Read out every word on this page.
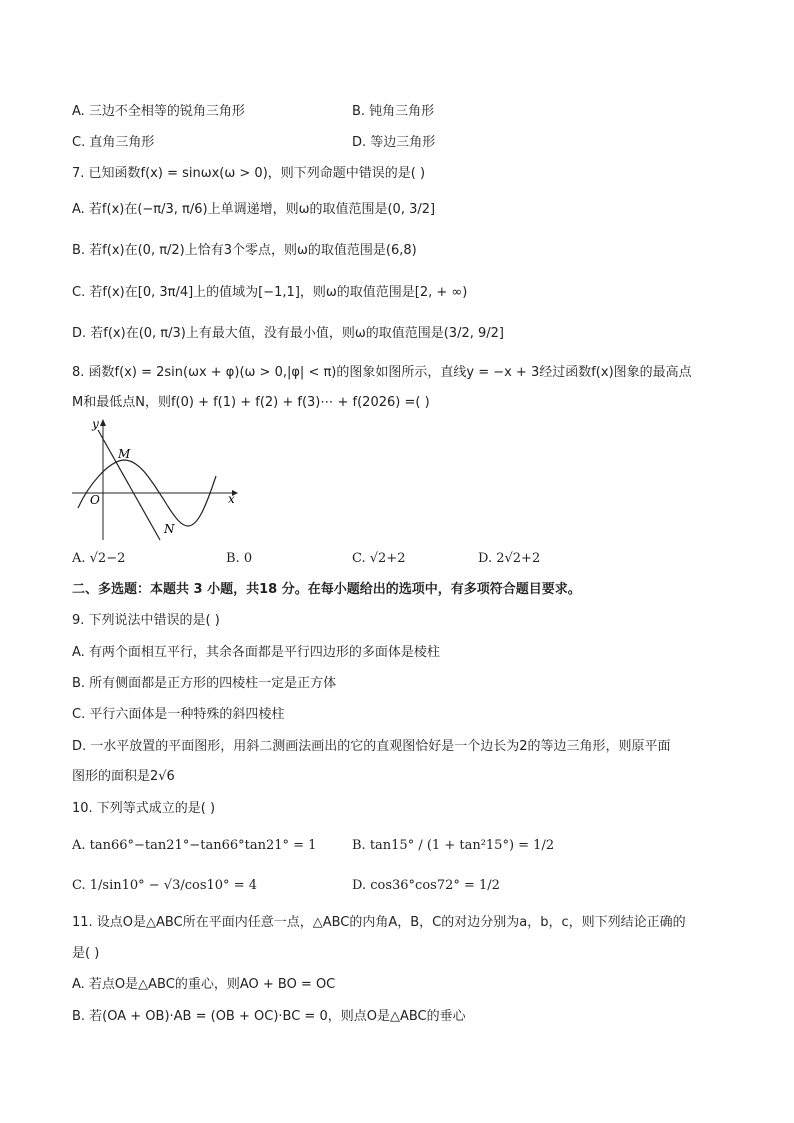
A. 三边不全相等的锐角三角形	B. 钝角三角形
C. 直角三角形	D. 等边三角形
7. 已知函数f(x) = sinωx(ω > 0)，则下列命题中错误的是( )
A. 若f(x)在(−π/3, π/6)上单调递增，则ω的取值范围是(0, 3/2]
B. 若f(x)在(0, π/2)上恰有3个零点，则ω的取值范围是(6,8)
C. 若f(x)在[0, 3π/4]上的值域为[−1,1]，则ω的取值范围是[2, + ∞)
D. 若f(x)在(0, π/3)上有最大值，没有最小值，则ω的取值范围是(3/2, 9/2]
8. 函数f(x) = 2sin(ωx + φ)(ω > 0,|φ| < π)的图象如图所示，直线y = −x + 3经过函数f(x)图象的最高点
M和最低点N，则f(0) + f(1) + f(2) + f(3)⋯ + f(2026) =( )
y
x
O
M
N
A. √2−2	B. 0	C. √2+2	D. 2√2+2
二、多选题：本题共 3 小题，共18 分。在每小题给出的选项中，有多项符合题目要求。
9. 下列说法中错误的是( )
A. 有两个面相互平行，其余各面都是平行四边形的多面体是棱柱
B. 所有侧面都是正方形的四棱柱一定是正方体
C. 平行六面体是一种特殊的斜四棱柱
D. 一水平放置的平面图形，用斜二测画法画出的它的直观图恰好是一个边长为2的等边三角形，则原平面
图形的面积是2√6
10. 下列等式成立的是( )
A. tan66°−tan21°−tan66°tan21° = 1	B. tan15° / (1 + tan²15°) = 1/2
C. 1/sin10° − √3/cos10° = 4	D. cos36°cos72° = 1/2
11. 设点O是△ABC所在平面内任意一点，△ABC的内角A，B，C的对边分别为a，b，c，则下列结论正确的
是( )
A. 若点O是△ABC的重心，则AO + BO = OC
B. 若(OA + OB)·AB = (OB + OC)·BC = 0，则点O是△ABC的垂心
